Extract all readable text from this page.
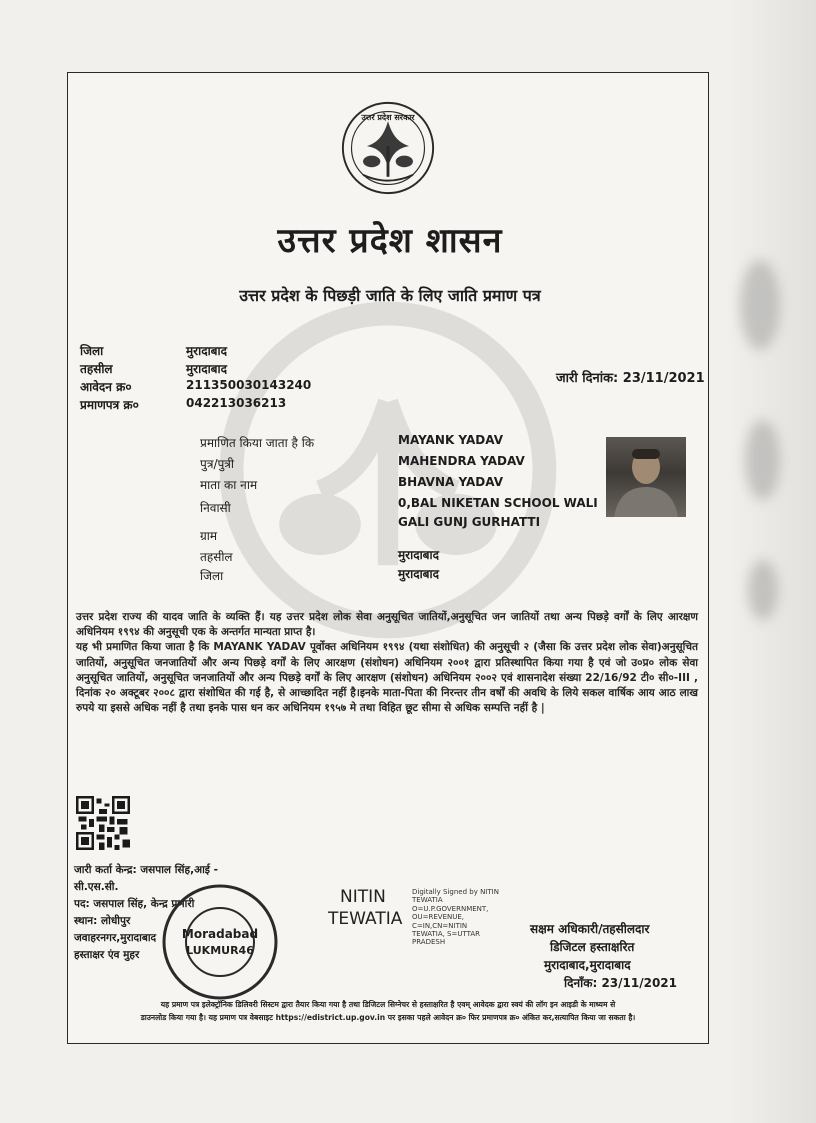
उत्तर प्रदेश सरकार
उत्तर प्रदेश शासन
उत्तर प्रदेश के पिछड़ी जाति के लिए जाति प्रमाण पत्र
जिला	मुरादाबाद
तहसील	मुरादाबाद
आवेदन क्र०	211350030143240
प्रमाणपत्र क्र०	042213036213
जारी दिनांक: 23/11/2021
प्रमाणित किया जाता है कि	MAYANK YADAV
पुत्र/पुत्री	MAHENDRA YADAV
माता का नाम	BHAVNA YADAV
निवासी	0,BAL NIKETAN SCHOOL WALI
GALI GUNJ GURHATTI
ग्राम
तहसील	मुरादाबाद
जिला	मुरादाबाद
उत्तर प्रदेश राज्य की यादव जाति के व्यक्ति हैं। यह उत्तर प्रदेश लोक सेवा अनुसूचित जातियों,अनुसूचित जन जातियों तथा अन्य पिछड़े वर्गों के लिए आरक्षण अधिनियम १९९४ की अनुसूची एक के अन्तर्गत मान्यता प्राप्त है।
यह भी प्रमाणित किया जाता है कि MAYANK YADAV पूर्वोक्त अधिनियम १९९४ (यथा संशोधित) की अनुसूची २ (जैसा कि उत्तर प्रदेश लोक सेवा)अनुसूचित जातियों, अनुसूचित जनजातियों और अन्य पिछड़े वर्गों के लिए आरक्षण (संशोधन) अधिनियम २००१ द्वारा प्रतिस्थापित किया गया है एवं जो उ०प्र० लोक सेवा अनुसूचित जातियों, अनुसूचित जनजातियों और अन्य पिछड़े वर्गों के लिए आरक्षण (संशोधन) अधिनियम २००२ एवं शासनादेश संख्या 22/16/92 टी० सी०-III , दिनांक २० अक्टूबर २००८ द्वारा संशोधित की गई है, से आच्छादित नहीं है।इनके माता-पिता की निरन्तर तीन वर्षों की अवधि के लिये सकल वार्षिक आय आठ लाख रुपये या इससे अधिक नहीं है तथा इनके पास धन कर अधिनियम १९५७ मे तथा विहित छूट सीमा से अधिक सम्पत्ति नहीं है |
जारी कर्ता केन्द्र: जसपाल सिंह,आई -
सी.एस.सी.
पद: जसपाल सिंह, केन्द्र प्रभारी
स्थान: लोधीपुर
जवाहरनगर,मुरादाबाद
हस्ताक्षर एंव मुहर
Moradabad
LUKMUR46
NITIN
TEWATIA
Digitally Signed by NITIN
TEWATIA
O=U.P.GOVERNMENT,
OU=REVENUE,
C=IN,CN=NITIN
TEWATIA, S=UTTAR
PRADESH
सक्षम अधिकारी/तहसीलदार
डिजिटल हस्ताक्षरित
मुरादाबाद,मुरादाबाद
दिनाँक: 23/11/2021
यह प्रमाण पत्र इलेक्ट्रॉनिक डिलिवरी सिस्टम द्वारा तैयार किया गया है तथा डिजिटल सिग्नेचर से हस्ताक्षरित है एवम् आवेदक द्वारा स्वयं की लॉग इन आइडी के माध्यम से
डाउनलोड किया गया है। यह प्रमाण पत्र वेबसाइट https://edistrict.up.gov.in पर इसका पहले आवेदन क्र० फिर प्रमाणपत्र क्र० अंकित कर,सत्यापित किया जा सकता है।
